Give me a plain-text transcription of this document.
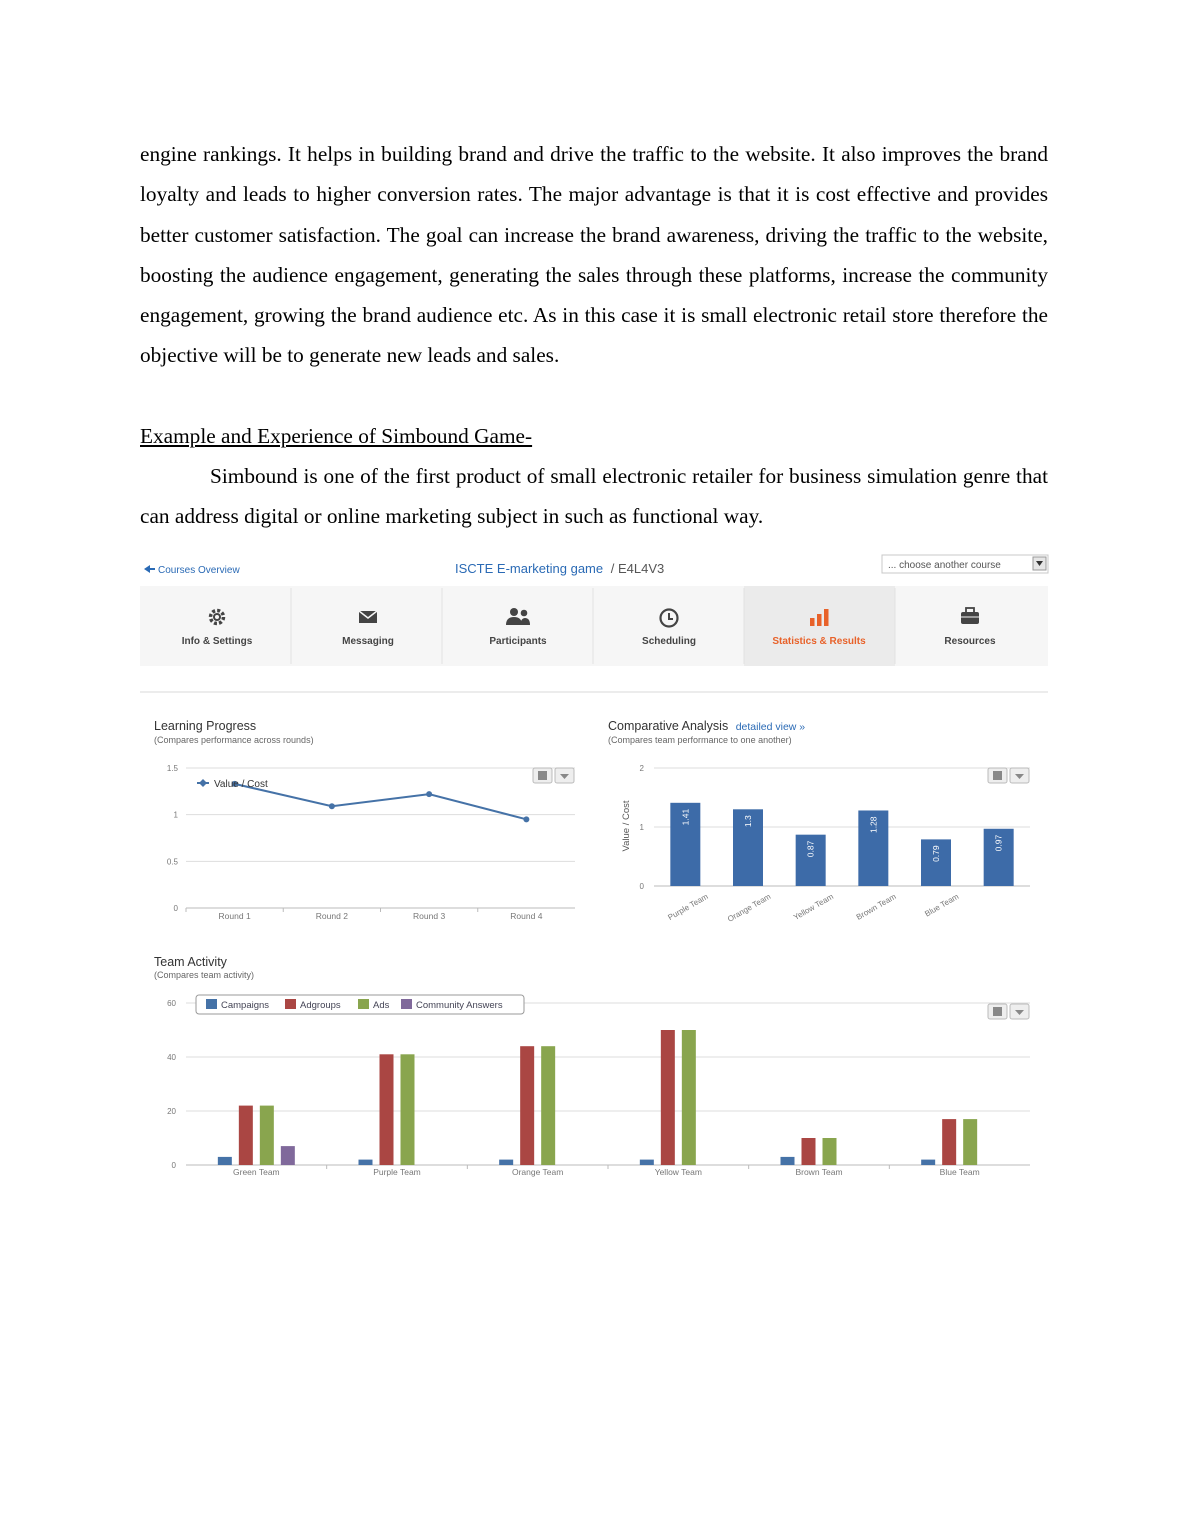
engine rankings. It helps in building brand and drive the traffic to the website. It also improves the brand loyalty and leads to higher conversion rates. The major advantage is that it is cost effective and provides better customer satisfaction. The goal can increase the brand awareness, driving the traffic to the website, boosting the audience engagement, generating the sales through these platforms, increase the community engagement, growing the brand audience etc. As in this case it is small electronic retail store therefore the objective will be to generate new leads and sales.

Example and Experience of Simbound Game-

Simbound is one of the first product of small electronic retailer for business simulation genre that can address digital or online marketing subject in such as functional way.

Courses Overview	ISCTE E-marketing game / E4L4V3	... choose another course
Info & Settings	Messaging	Participants	Scheduling	Statistics & Results	Resources
Learning Progress
(Compares performance across rounds)
0
0.5
1
1.5
Round 1	Round 2	Round 3	Round 4
Value / Cost
Comparative Analysis detailed view »
(Compares team performance to one another)
Value / Cost
0
1
2
1.41	1.3
0.87
1.28
0.79
0.97
Purple Team Orange Team Yellow Team Brown Team	Blue Team
Team Activity
(Compares team activity)
0
20
40
60
Green Team	Purple Team	Orange Team	Yellow Team	Brown Team	Blue Team
Campaigns	Adgroups	Ads	Community Answers
